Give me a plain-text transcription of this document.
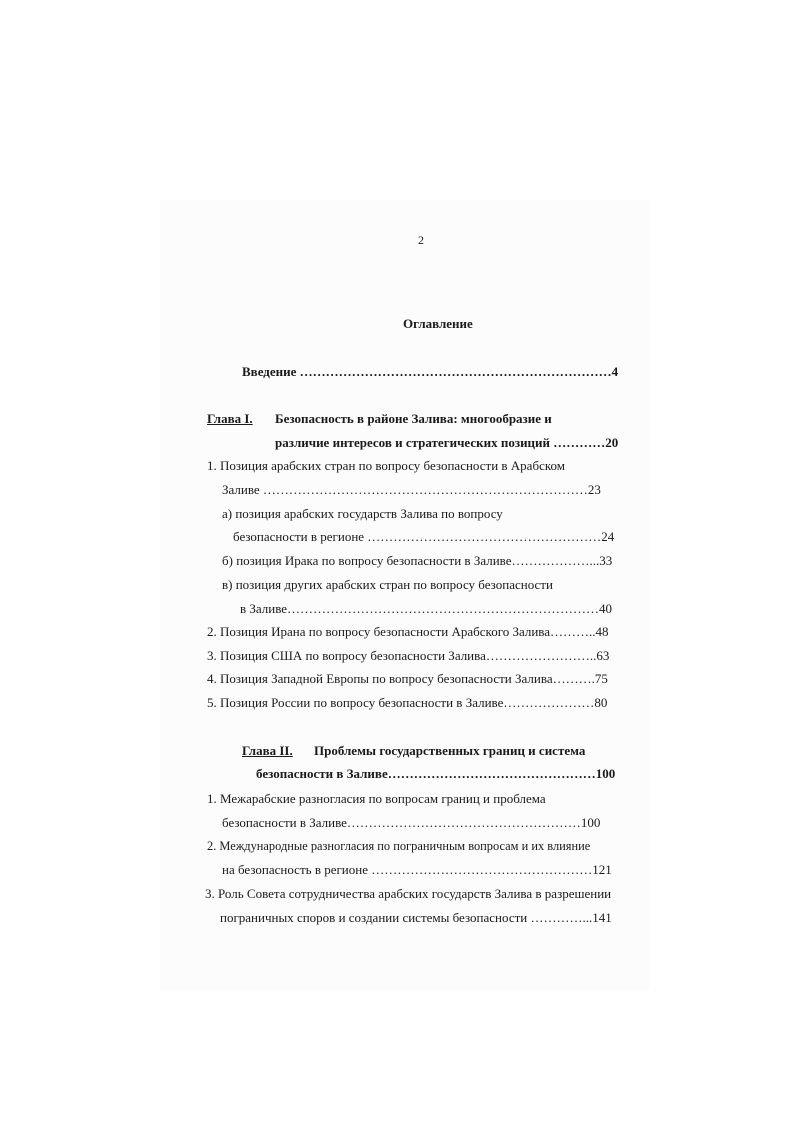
2
Оглавление
Введение ………………………………………………………………4
Глава I. Безопасность в районе Залива: многообразие и
различие интересов и стратегических позиций …………20
1. Позиция арабских стран по вопросу безопасности в Арабском
Заливе …………………………………………………………………23
а) позиция арабских государств Залива по вопросу
безопасности в регионе ………………………………………………24
б) позиция Ирака по вопросу безопасности в Заливе………………...33
в) позиция других арабских стран по вопросу безопасности
в Заливе………………………………………………………………40
2. Позиция Ирана по вопросу безопасности Арабского Залива………..48
3. Позиция США по вопросу безопасности Залива……………………..63
4. Позиция Западной Европы по вопросу безопасности Залива……….75
5. Позиция России по вопросу безопасности в Заливе…………………80
Глава II. Проблемы государственных границ и система
безопасности в Заливе…………………………………………100
1. Межарабские разногласия по вопросам границ и проблема
безопасности в Заливе………………………………………………100
2. Международные разногласия по пограничным вопросам и их влияние
на безопасность в регионе ……………………………………………121
3. Роль Совета сотрудничества арабских государств Залива в разрешении
пограничных споров и создании системы безопасности …………...141
